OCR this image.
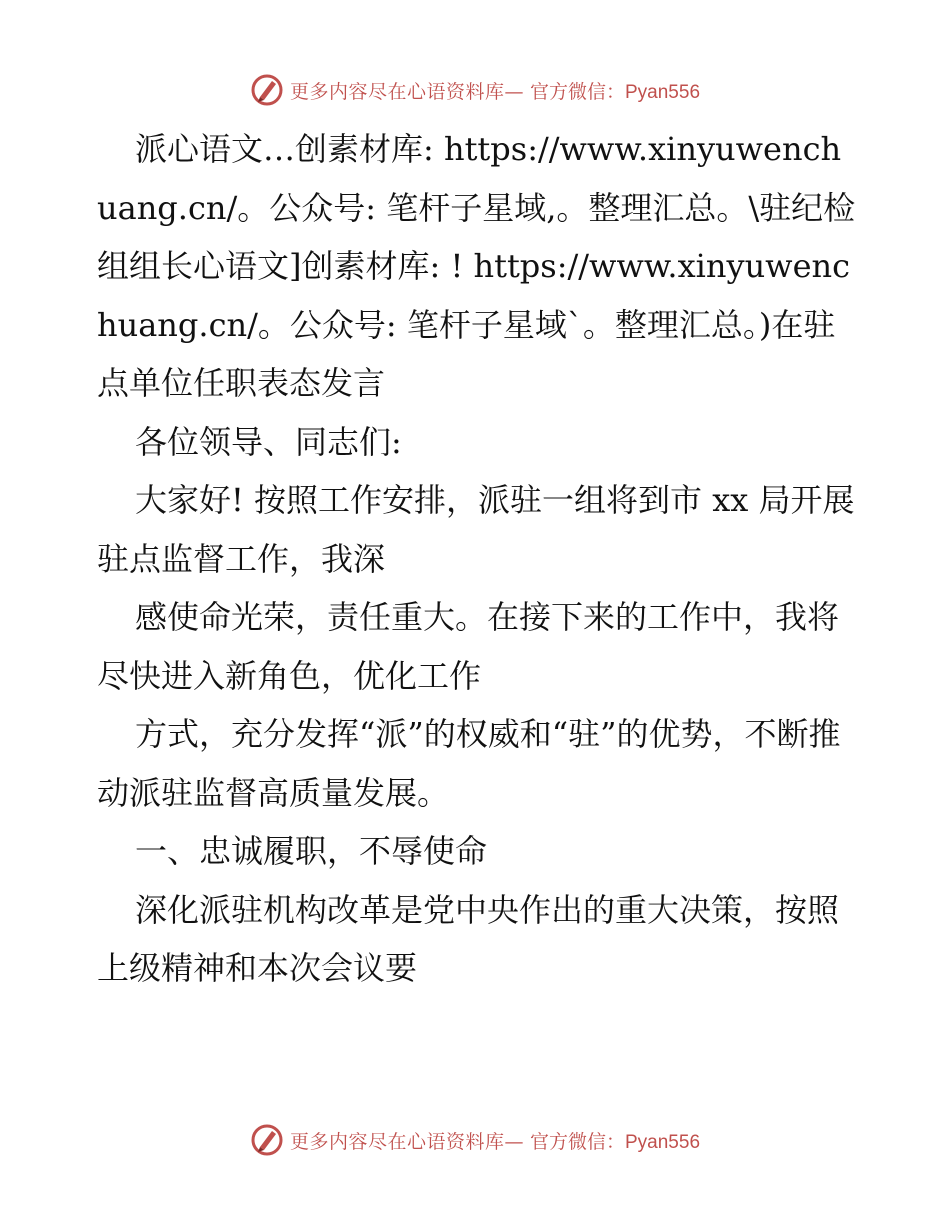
更多内容尽在心语资料库— 官方微信：Pyan556

派心语文…创素材库: https://www.xinyuwenchuang.cn/。公众号: 笔杆子星域,。整理汇总。\驻纪检组组长心语文]创素材库: ! https://www.xinyuwenchuang.cn/。公众号: 笔杆子星域`。整理汇总。)在驻点单位任职表态发言

各位领导、同志们:

大家好! 按照工作安排，派驻一组将到市 xx 局开展驻点监督工作，我深

感使命光荣，责任重大。在接下来的工作中，我将尽快进入新角色，优化工作

方式，充分发挥“派”的权威和“驻”的优势，不断推动派驻监督高质量发展。

一、忠诚履职，不辱使命

深化派驻机构改革是党中央作出的重大决策，按照上级精神和本次会议要

更多内容尽在心语资料库— 官方微信：Pyan556
